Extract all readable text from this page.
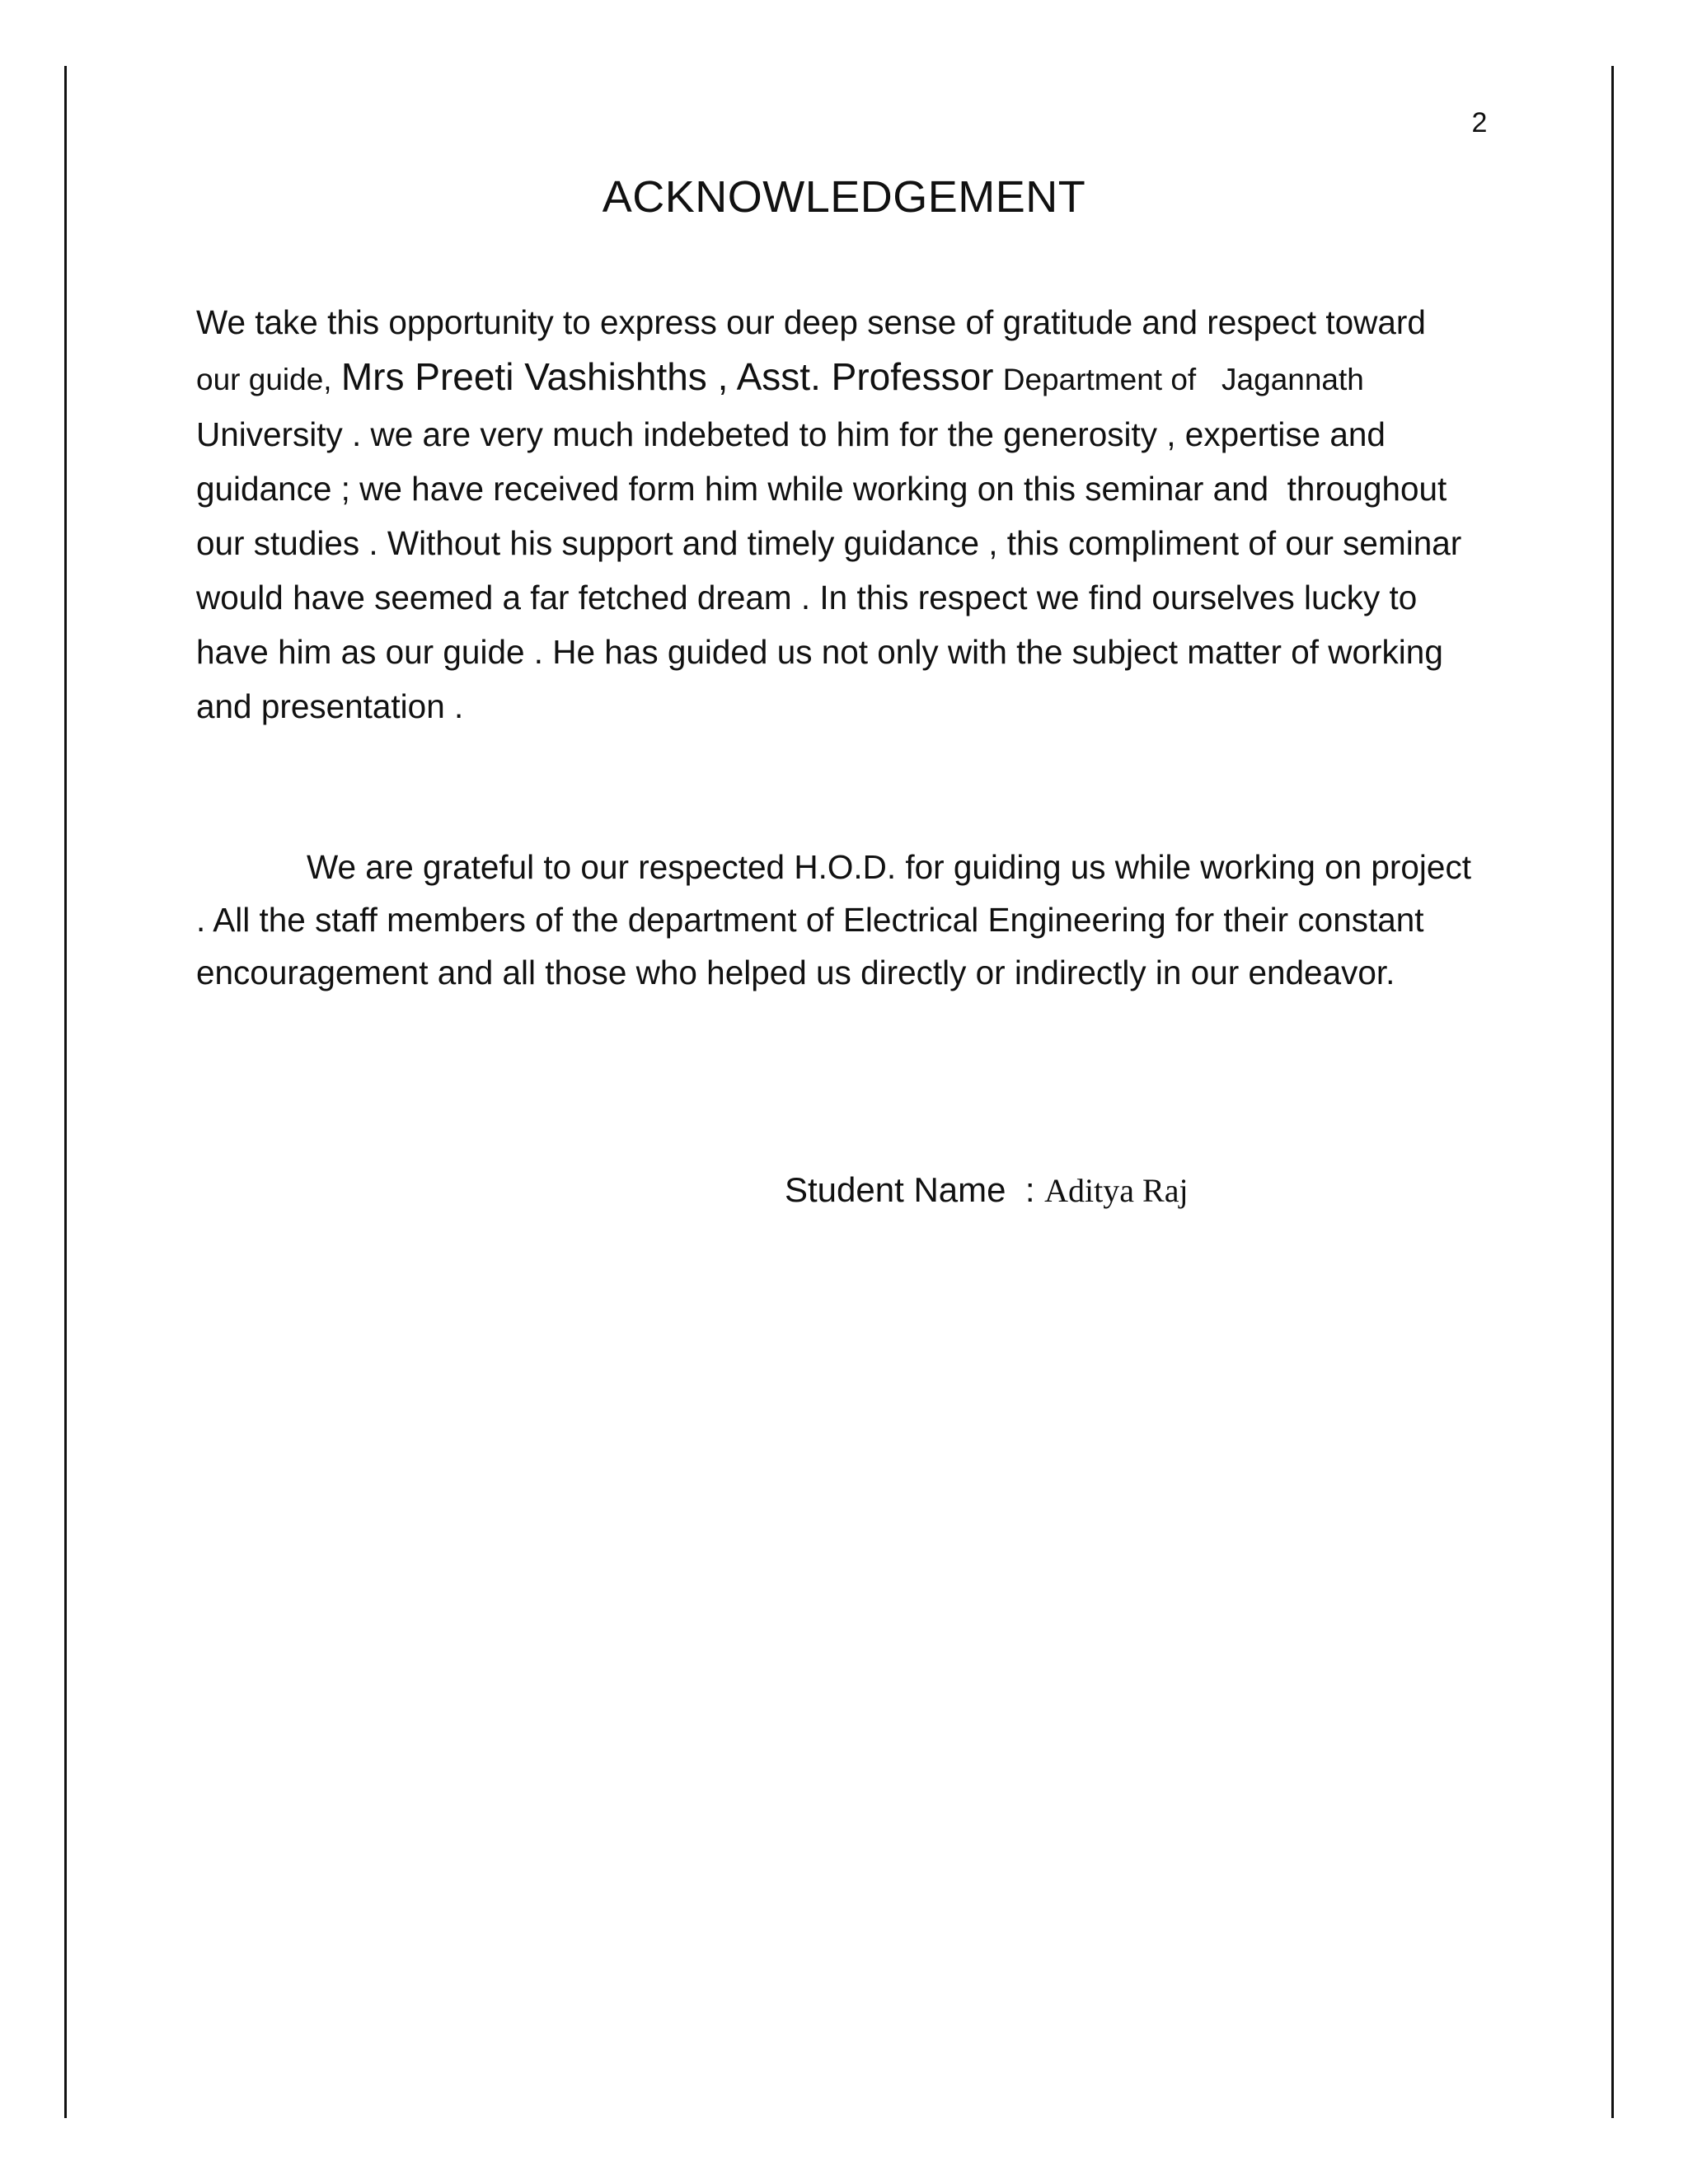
2
ACKNOWLEDGEMENT
We take this opportunity to express our deep sense of gratitude and respect toward
our guide, Mrs Preeti Vashishths , Asst. Professor Department of   Jagannath
University . we are very much indebeted to him for the generosity , expertise and
guidance ; we have received form him while working on this seminar and  throughout
our studies . Without his support and timely guidance , this compliment of our seminar
would have seemed a far fetched dream . In this respect we find ourselves lucky to
have him as our guide . He has guided us not only with the subject matter of working
and presentation .
We are grateful to our respected H.O.D. for guiding us while working on project
. All the staff members of the department of Electrical Engineering for their constant
encouragement and all those who helped us directly or indirectly in our endeavor.
Student Name  : Aditya Raj
